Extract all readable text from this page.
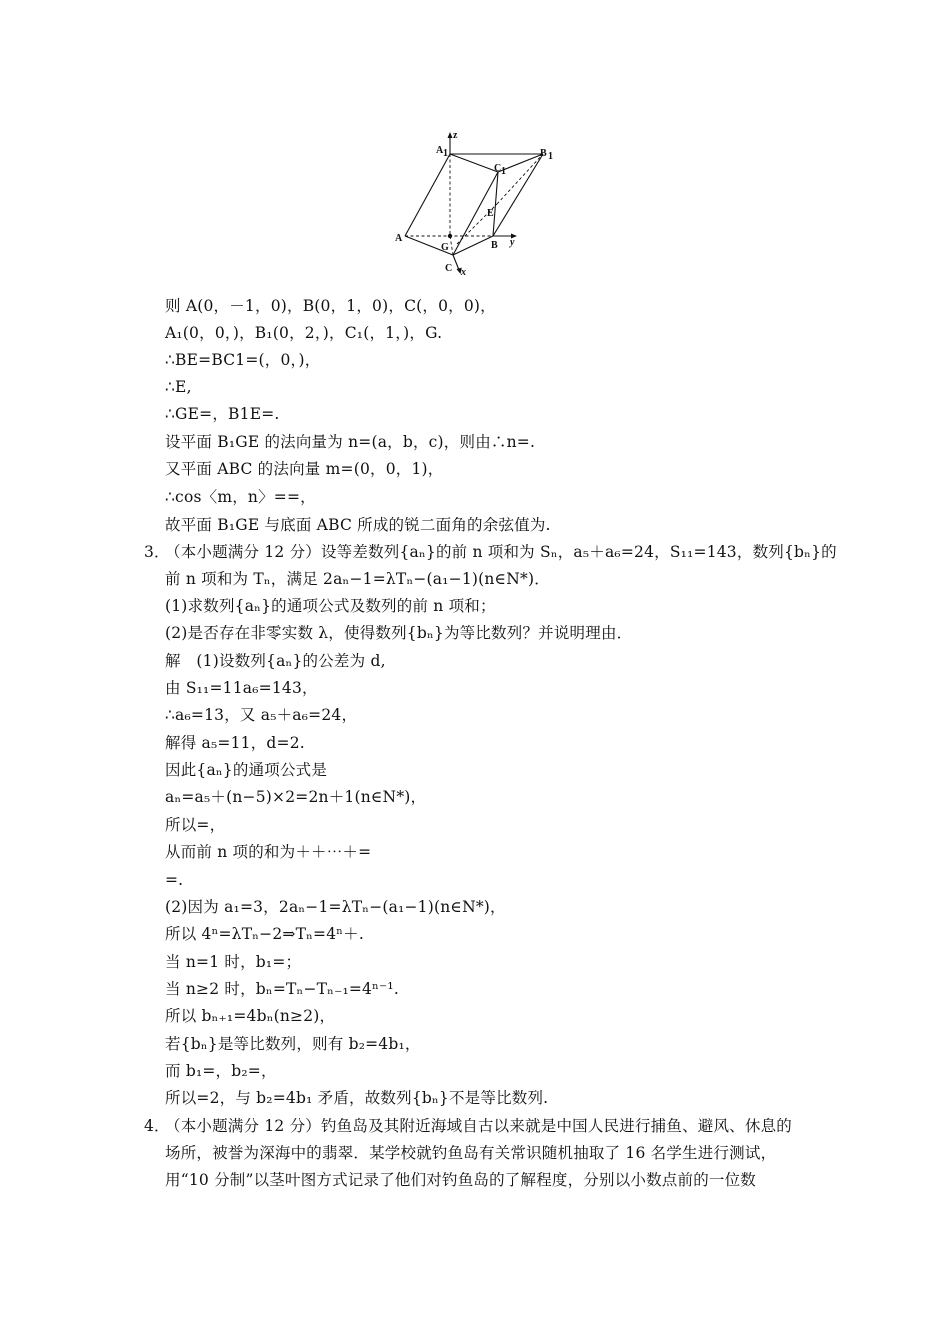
z
A 1	B 1
C 1
E
A
G	B y
C x
则 A(0，－1，0)，B(0，1，0)，C(，0，0)，
A₁(0，0，)，B₁(0，2，)，C₁(，1，)，G.
∴BE=BC1=(，0，)，
∴E,
∴GE=，B1E=.
设平面 B₁GE 的法向量为 n=(a，b，c)，则由∴n=.
又平面 ABC 的法向量 m=(0，0，1)，
∴cos〈m，n〉==，
故平面 B₁GE 与底面 ABC 所成的锐二面角的余弦值为.
3．（本小题满分 12 分）设等差数列{aₙ}的前 n 项和为 Sₙ，a₅＋a₆=24，S₁₁=143，数列{bₙ}的
前 n 项和为 Tₙ，满足 2aₙ−1=λTₙ−(a₁−1)(n∈N*)．
(1)求数列{aₙ}的通项公式及数列的前 n 项和；
(2)是否存在非零实数 λ，使得数列{bₙ}为等比数列？并说明理由．
解　(1)设数列{aₙ}的公差为 d,
由 S₁₁=11a₆=143，
∴a₆=13，又 a₅＋a₆=24，
解得 a₅=11，d=2.
因此{aₙ}的通项公式是
aₙ=a₅＋(n−5)×2=2n＋1(n∈N*)，
所以=，
从而前 n 项的和为＋＋⋯＋=
=.
(2)因为 a₁=3，2aₙ−1=λTₙ−(a₁−1)(n∈N*)，
所以 4ⁿ=λTₙ−2⇒Tₙ=4ⁿ＋.
当 n=1 时，b₁=；
当 n≥2 时，bₙ=Tₙ−Tₙ₋₁=4ⁿ⁻¹.
所以 bₙ₊₁=4bₙ(n≥2)，
若{bₙ}是等比数列，则有 b₂=4b₁，
而 b₁=，b₂=，
所以=2，与 b₂=4b₁ 矛盾，故数列{bₙ}不是等比数列.
4．（本小题满分 12 分）钓鱼岛及其附近海域自古以来就是中国人民进行捕鱼、避风、休息的
场所，被誉为深海中的翡翠．某学校就钓鱼岛有关常识随机抽取了 16 名学生进行测试，
用“10 分制”以茎叶图方式记录了他们对钓鱼岛的了解程度，分别以小数点前的一位数
